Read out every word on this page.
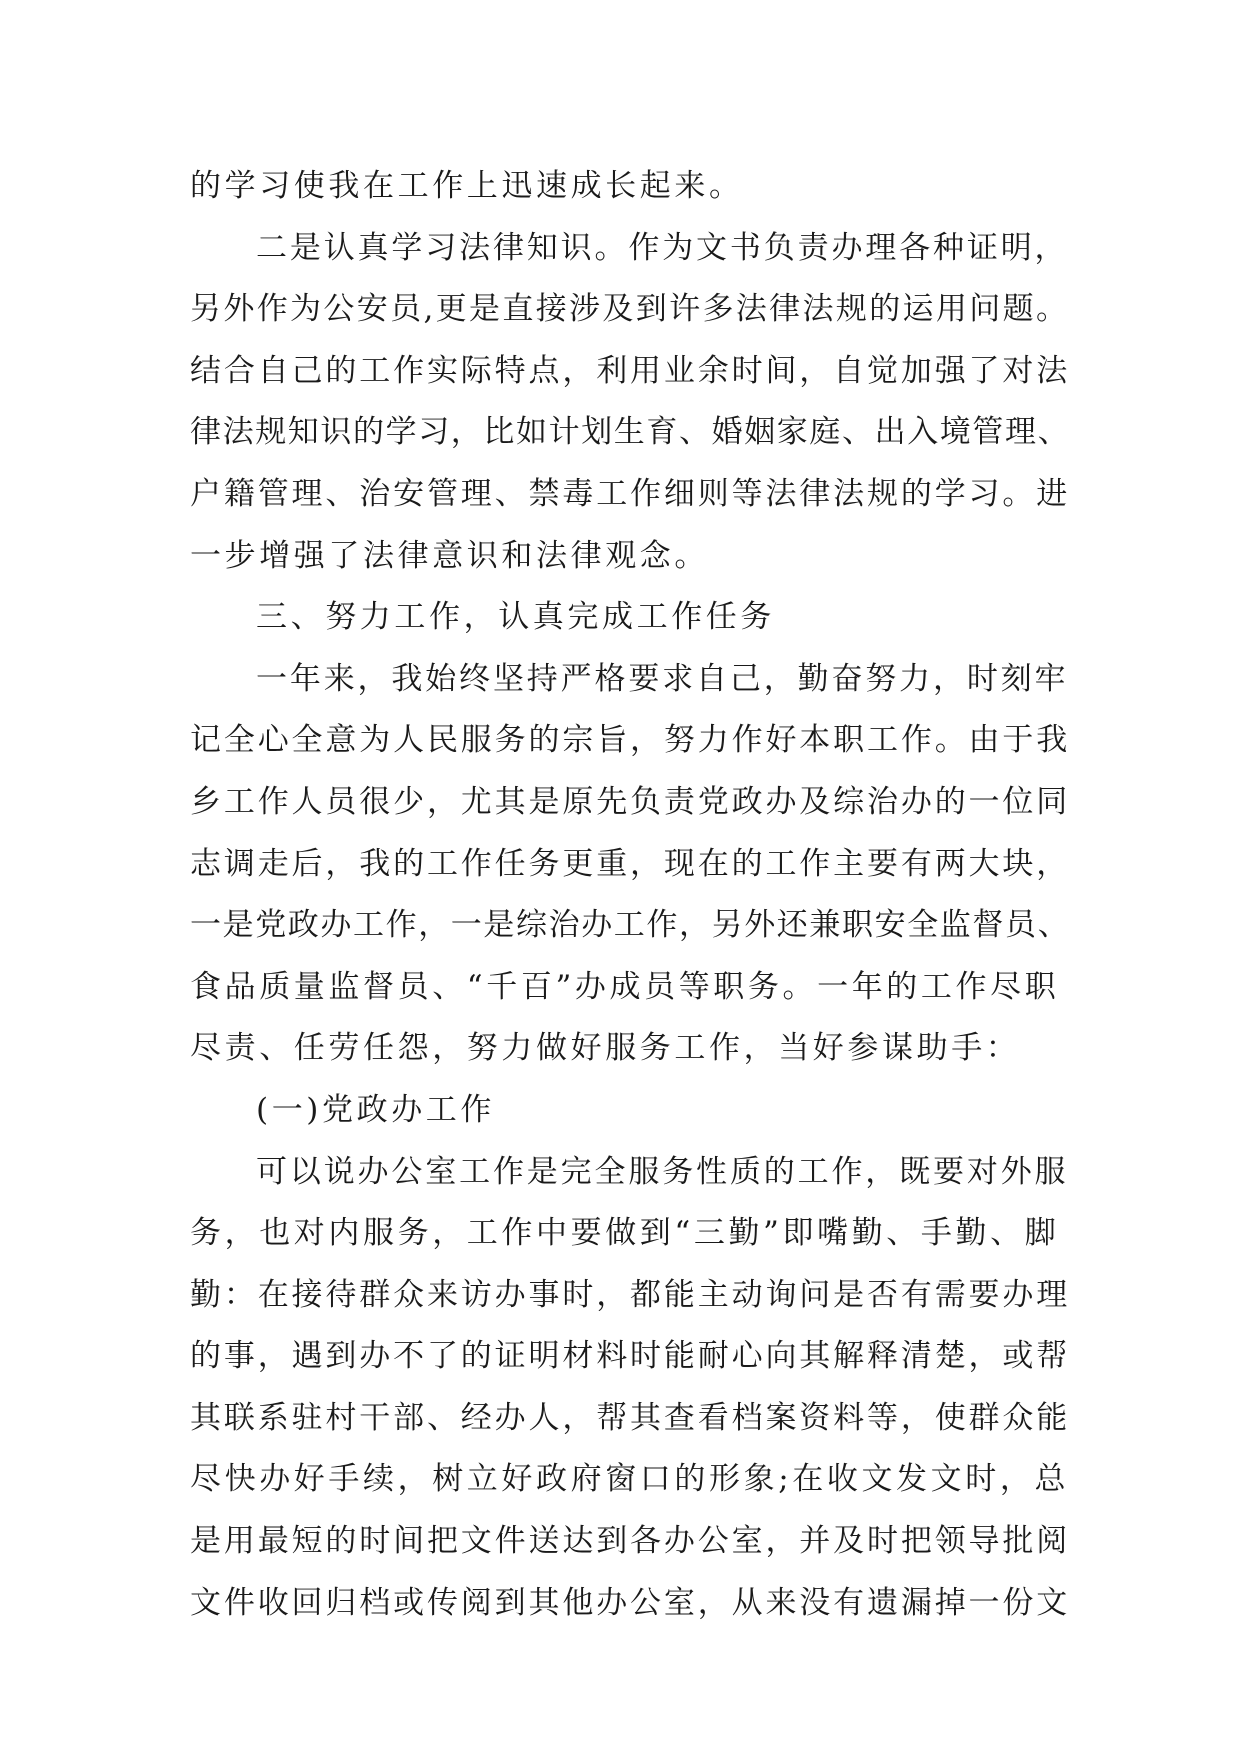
的学习使我在工作上迅速成长起来。
二是认真学习法律知识。作为文书负责办理各种证明，
另外作为公安员,更是直接涉及到许多法律法规的运用问题。
结合自己的工作实际特点，利用业余时间，自觉加强了对法
律法规知识的学习，比如计划生育、婚姻家庭、出入境管理、
户籍管理、治安管理、禁毒工作细则等法律法规的学习。进
一步增强了法律意识和法律观念。
三、努力工作，认真完成工作任务
一年来，我始终坚持严格要求自己，勤奋努力，时刻牢
记全心全意为人民服务的宗旨，努力作好本职工作。由于我
乡工作人员很少，尤其是原先负责党政办及综治办的一位同
志调走后，我的工作任务更重，现在的工作主要有两大块，
一是党政办工作，一是综治办工作，另外还兼职安全监督员、
食品质量监督员、“千百”办成员等职务。一年的工作尽职
尽责、任劳任怨，努力做好服务工作，当好参谋助手：
(一)党政办工作
可以说办公室工作是完全服务性质的工作，既要对外服
务，也对内服务，工作中要做到“三勤”即嘴勤、手勤、脚
勤：在接待群众来访办事时，都能主动询问是否有需要办理
的事，遇到办不了的证明材料时能耐心向其解释清楚，或帮
其联系驻村干部、经办人，帮其查看档案资料等，使群众能
尽快办好手续，树立好政府窗口的形象;在收文发文时，总
是用最短的时间把文件送达到各办公室，并及时把领导批阅
文件收回归档或传阅到其他办公室，从来没有遗漏掉一份文
